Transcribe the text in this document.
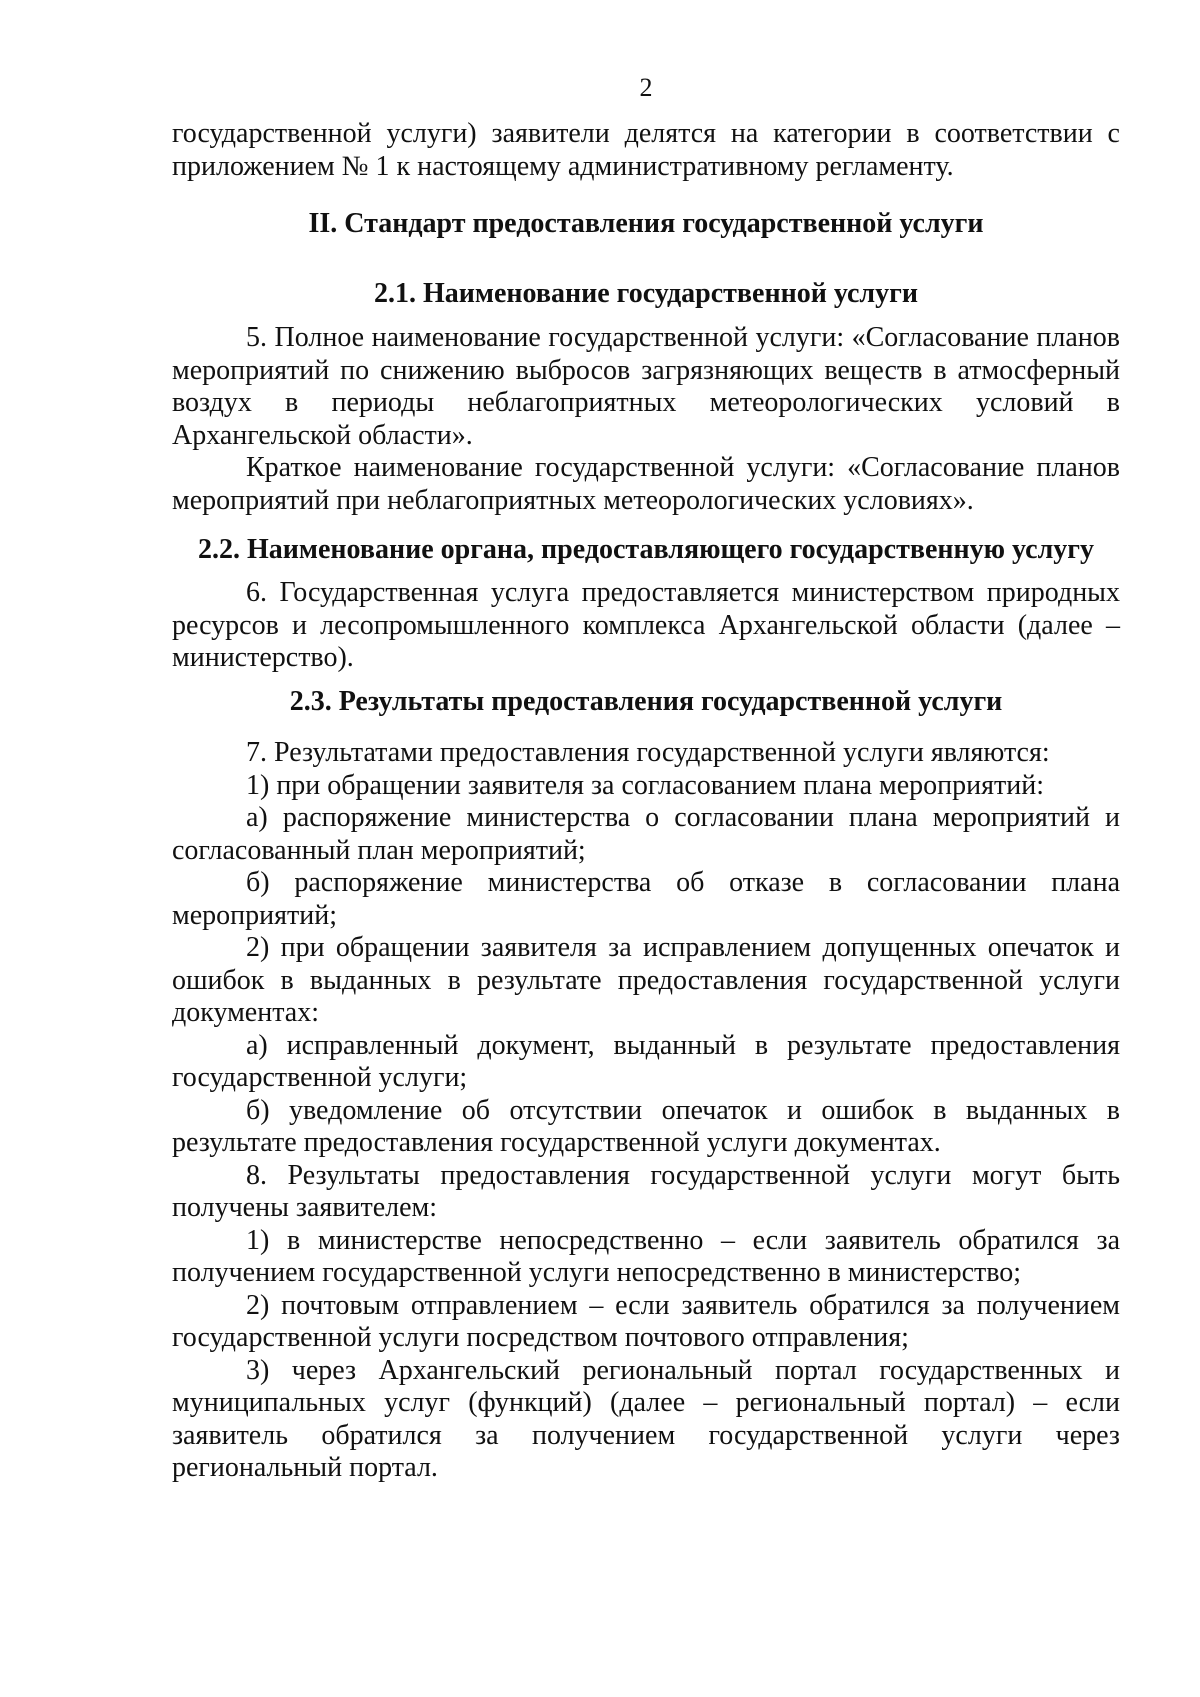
2

государственной услуги) заявители делятся на категории в соответствии с приложением № 1 к настоящему административному регламенту.

II. Стандарт предоставления государственной услуги
2.1. Наименование государственной услуги

5. Полное наименование государственной услуги: «Согласование планов мероприятий по снижению выбросов загрязняющих веществ в атмосферный воздух в периоды неблагоприятных метеорологических условий в Архангельской области».

Краткое наименование государственной услуги: «Согласование планов мероприятий при неблагоприятных метеорологических условиях».

2.2. Наименование органа, предоставляющего государственную услугу

6. Государственная услуга предоставляется министерством природных ресурсов и лесопромышленного комплекса Архангельской области (далее – министерство).

2.3. Результаты предоставления государственной услуги

7. Результатами предоставления государственной услуги являются:

1) при обращении заявителя за согласованием плана мероприятий:

а) распоряжение министерства о согласовании плана мероприятий и согласованный план мероприятий;

б) распоряжение министерства об отказе в согласовании плана мероприятий;

2) при обращении заявителя за исправлением допущенных опечаток и ошибок в выданных в результате предоставления государственной услуги документах:

а) исправленный документ, выданный в результате предоставления государственной услуги;

б) уведомление об отсутствии опечаток и ошибок в выданных в результате предоставления государственной услуги документах.

8. Результаты предоставления государственной услуги могут быть получены заявителем:

1) в министерстве непосредственно – если заявитель обратился за получением государственной услуги непосредственно в министерство;

2) почтовым отправлением – если заявитель обратился за получением государственной услуги посредством почтового отправления;

3) через Архангельский региональный портал государственных и муниципальных услуг (функций) (далее – региональный портал) – если заявитель обратился за получением государственной услуги через региональный портал.
